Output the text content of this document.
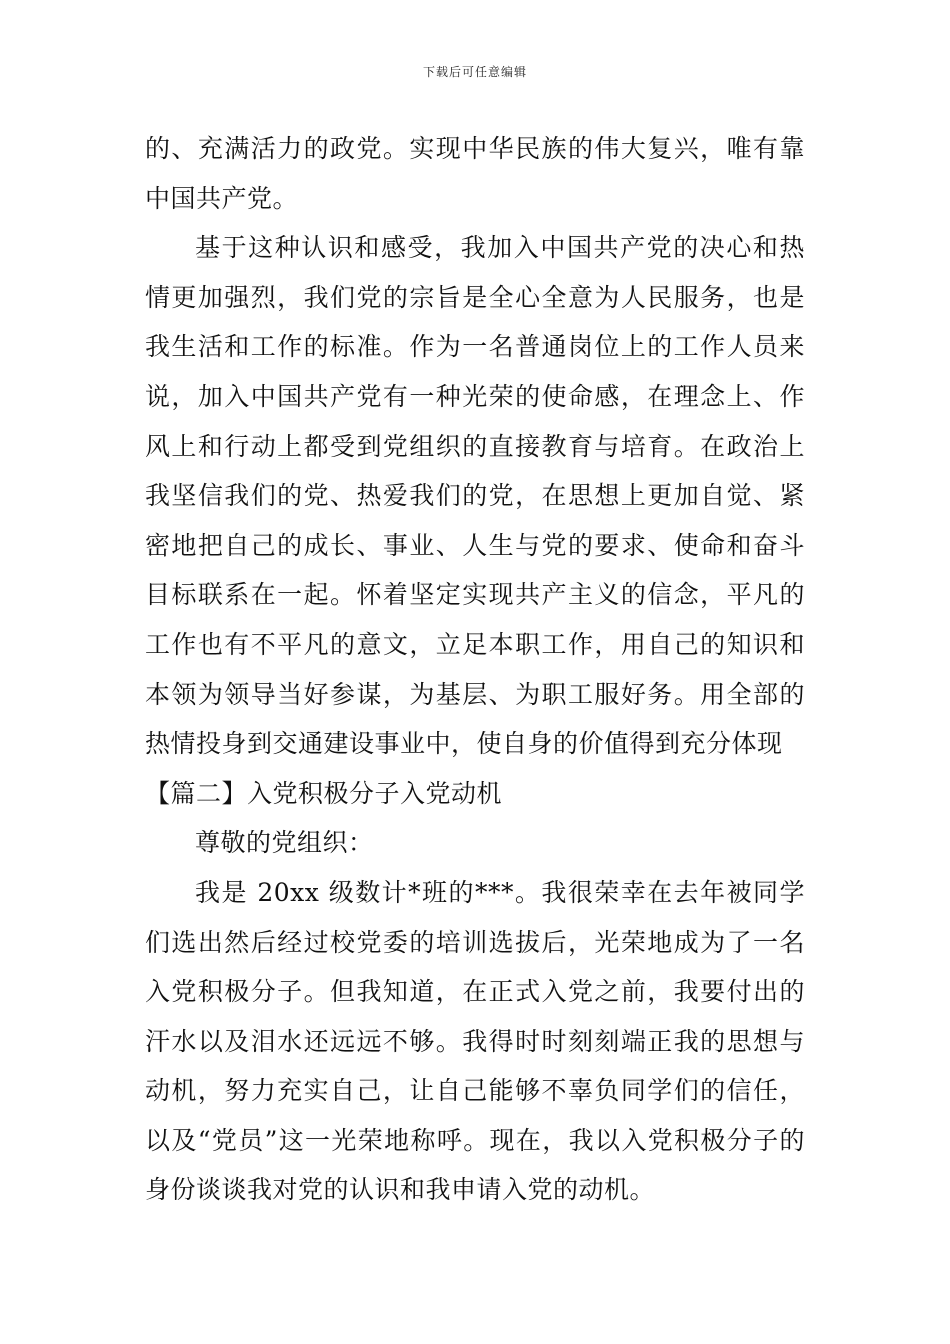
下载后可任意编辑

的、充满活力的政党。实现中华民族的伟大复兴，唯有靠中国共产党。

基于这种认识和感受，我加入中国共产党的决心和热情更加强烈，我们党的宗旨是全心全意为人民服务，也是我生活和工作的标准。作为一名普通岗位上的工作人员来说，加入中国共产党有一种光荣的使命感，在理念上、作风上和行动上都受到党组织的直接教育与培育。在政治上我坚信我们的党、热爱我们的党，在思想上更加自觉、紧密地把自己的成长、事业、人生与党的要求、使命和奋斗目标联系在一起。怀着坚定实现共产主义的信念，平凡的工作也有不平凡的意文，立足本职工作，用自己的知识和本领为领导当好参谋，为基层、为职工服好务。用全部的热情投身到交通建设事业中，使自身的价值得到充分体现

【篇二】入党积极分子入党动机

尊敬的党组织：

我是 20xx 级数计*班的***。我很荣幸在去年被同学们选出然后经过校党委的培训选拔后，光荣地成为了一名入党积极分子。但我知道，在正式入党之前，我要付出的汗水以及泪水还远远不够。我得时时刻刻端正我的思想与动机，努力充实自己，让自己能够不辜负同学们的信任，以及“党员”这一光荣地称呼。现在，我以入党积极分子的身份谈谈我对党的认识和我申请入党的动机。
